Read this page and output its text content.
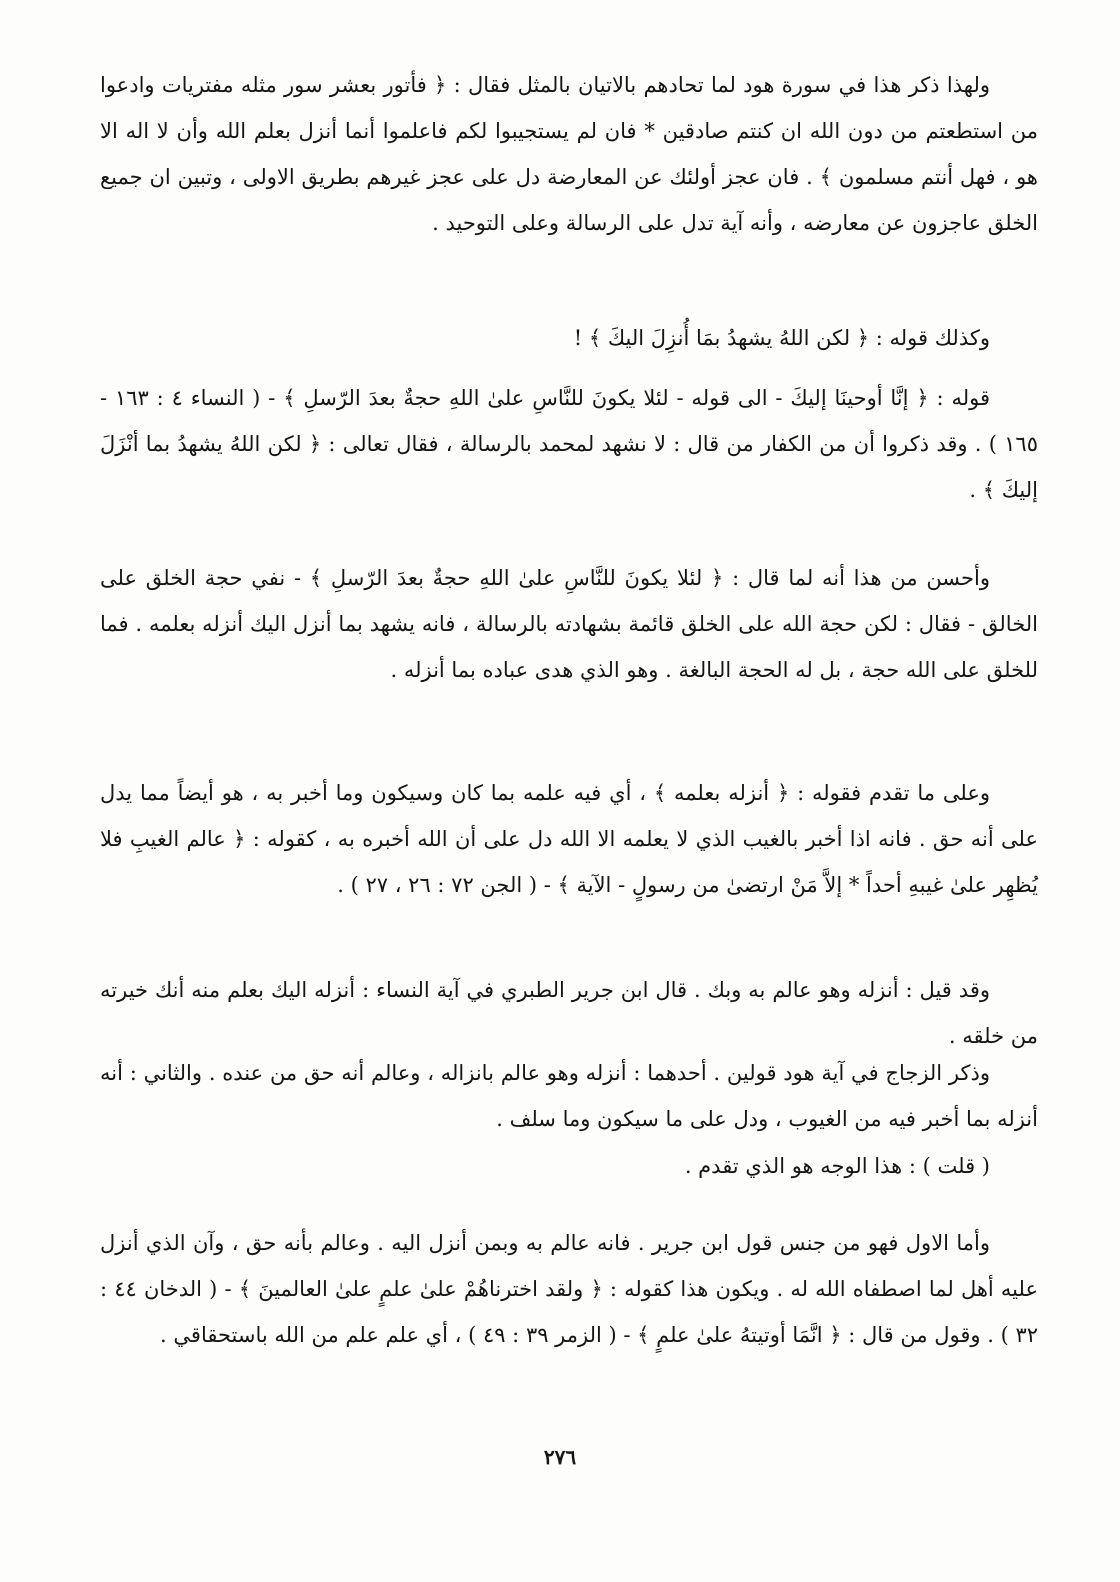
ولهذا ذكر هذا في سورة هود لما تحادهم بالاتيان بالمثل فقال : ﴿ فأتور بعشر سور مثله مفتريات وادعوا من استطعتم من دون الله ان كنتم صادقين * فان لم يستجيبوا لكم فاعلموا أنما أنزل بعلم الله وأن لا اله الا هو ، فهل أنتم مسلمون ﴾ . فان عجز أولئك عن المعارضة دل على عجز غيرهم بطريق الاولى ، وتبين ان جميع الخلق عاجزون عن معارضه ، وأنه آية تدل على الرسالة وعلى التوحيد .

وكذلك قوله : ﴿ لكن اللهُ يشهدُ بمَا أُنزِلَ اليكَ ﴾ !

قوله : ﴿ إنَّا أوحينَا إليكَ - الى قوله - لئلا يكونَ للنَّاسِ علىٰ اللهِ حجةٌ بعدَ الرّسلِ ﴾ - ( النساء ٤ : ١٦٣ - ١٦٥ ) . وقد ذكروا أن من الكفار من قال : لا نشهد لمحمد بالرسالة ، فقال تعالى : ﴿ لكن اللهُ يشهدُ بما أنْزَلَ إليكَ ﴾ .

وأحسن من هذا أنه لما قال : ﴿ لئلا يكونَ للنَّاسِ علىٰ اللهِ حجةٌ بعدَ الرّسلِ ﴾ - نفي حجة الخلق على الخالق - فقال : لكن حجة الله على الخلق قائمة بشهادته بالرسالة ، فانه يشهد بما أنزل اليك أنزله بعلمه . فما للخلق على الله حجة ، بل له الحجة البالغة . وهو الذي هدى عباده بما أنزله .

وعلى ما تقدم فقوله : ﴿ أنزله بعلمه ﴾ ، أي فيه علمه بما كان وسيكون وما أخبر به ، هو أيضاً مما يدل على أنه حق . فانه اذا أخبر بالغيب الذي لا يعلمه الا الله دل على أن الله أخبره به ، كقوله : ﴿ عالم الغيبِ فلا يُظهِر علىٰ غيبهِ أحداً * إلاَّ مَنْ ارتضىٰ من رسولٍ - الآية ﴾ - ( الجن ٧٢ : ٢٦ ، ٢٧ ) .

وقد قيل : أنزله وهو عالم به وبك . قال ابن جرير الطبري في آية النساء : أنزله اليك بعلم منه أنك خيرته من خلقه .

وذكر الزجاج في آية هود قولين . أحدهما : أنزله وهو عالم بانزاله ، وعالم أنه حق من عنده . والثاني : أنه أنزله بما أخبر فيه من الغيوب ، ودل على ما سيكون وما سلف .

( قلت ) : هذا الوجه هو الذي تقدم .

وأما الاول فهو من جنس قول ابن جرير . فانه عالم به وبمن أنزل اليه . وعالم بأنه حق ، وآن الذي أنزل عليه أهل لما اصطفاه الله له . ويكون هذا كقوله : ﴿ ولقد اخترناهُمْ علىٰ علمٍ علىٰ العالمينَ ﴾ - ( الدخان ٤٤ : ٣٢ ) . وقول من قال : ﴿ انَّمَا أوتيتهُ علىٰ علمٍ ﴾ - ( الزمر ٣٩ : ٤٩ ) ، أي علم علم من الله باستحقاقي .

٢٧٦
